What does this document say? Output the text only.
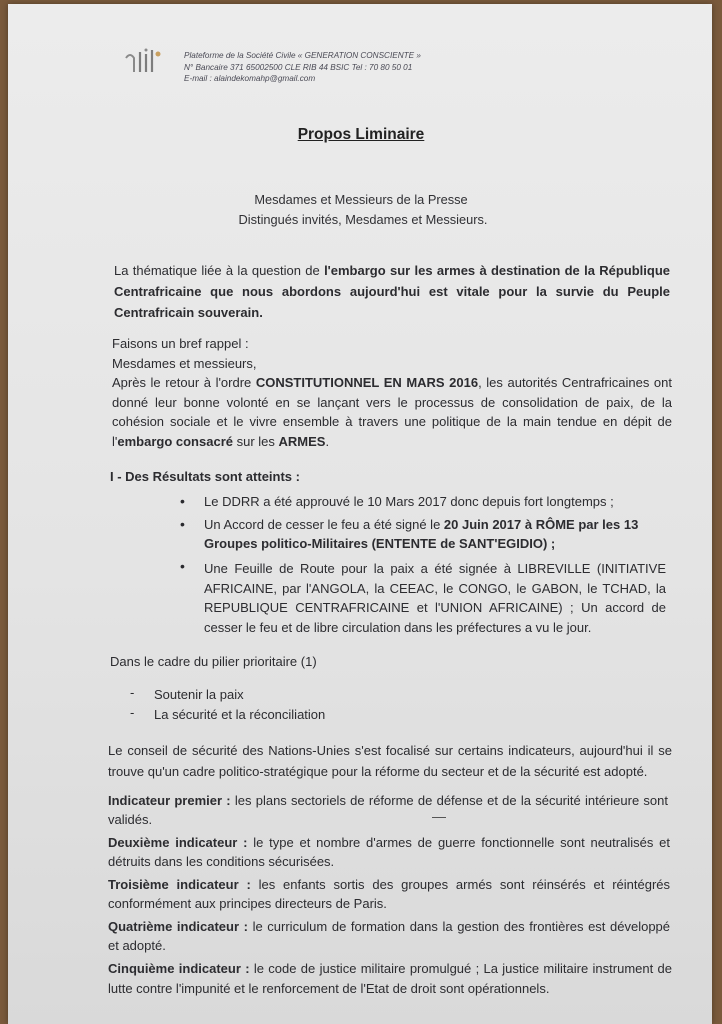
Plateforme de la Société Civile « GENERATION CONSCIENTE »
N° Bancaire 371 65002500 CLE RIB 44 BSIC Tel : 70 80 50 01
E-mail : alaindekomahp@gmail.com
Propos Liminaire
Mesdames et Messieurs de la Presse
Distingués invités, Mesdames et Messieurs.
La thématique liée à la question de l'embargo sur les armes à destination de la République Centrafricaine que nous abordons aujourd'hui est vitale pour la survie du Peuple Centrafricain souverain.
Faisons un bref rappel :
Mesdames et messieurs,
Après le retour à l'ordre CONSTITUTIONNEL EN MARS 2016, les autorités Centrafricaines ont donné leur bonne volonté en se lançant vers le processus de consolidation de paix, de la cohésion sociale et le vivre ensemble à travers une politique de la main tendue en dépit de l'embargo consacré sur les ARMES.
I - Des Résultats sont atteints :
• Le DDRR a été approuvé le 10 Mars 2017 donc depuis fort longtemps ;
• Un Accord de cesser le feu a été signé le 20 Juin 2017 à RÔME par les 13 Groupes politico-Militaires (ENTENTE de SANT'EGIDIO) ;
• Une Feuille de Route pour la paix a été signée à LIBREVILLE (INITIATIVE AFRICAINE, par l'ANGOLA, la CEEAC, le CONGO, le GABON, le TCHAD, la REPUBLIQUE CENTRAFRICAINE et l'UNION AFRICAINE) ; Un accord de cesser le feu et de libre circulation dans les préfectures a vu le jour.
Dans le cadre du pilier prioritaire (1)
- Soutenir la paix
- La sécurité et la réconciliation
Le conseil de sécurité des Nations-Unies s'est focalisé sur certains indicateurs, aujourd'hui il se trouve qu'un cadre politico-stratégique pour la réforme du secteur et de la sécurité est adopté.
Indicateur premier : les plans sectoriels de réforme de défense et de la sécurité intérieure sont validés.
Deuxième indicateur : le type et nombre d'armes de guerre fonctionnelle sont neutralisés et détruits dans les conditions sécurisées.
Troisième indicateur : les enfants sortis des groupes armés sont réinsérés et réintégrés conformément aux principes directeurs de Paris.
Quatrième indicateur : le curriculum de formation dans la gestion des frontières est développé et adopté.
Cinquième indicateur : le code de justice militaire promulgué ; La justice militaire instrument de lutte contre l'impunité et le renforcement de l'Etat de droit sont opérationnels.
